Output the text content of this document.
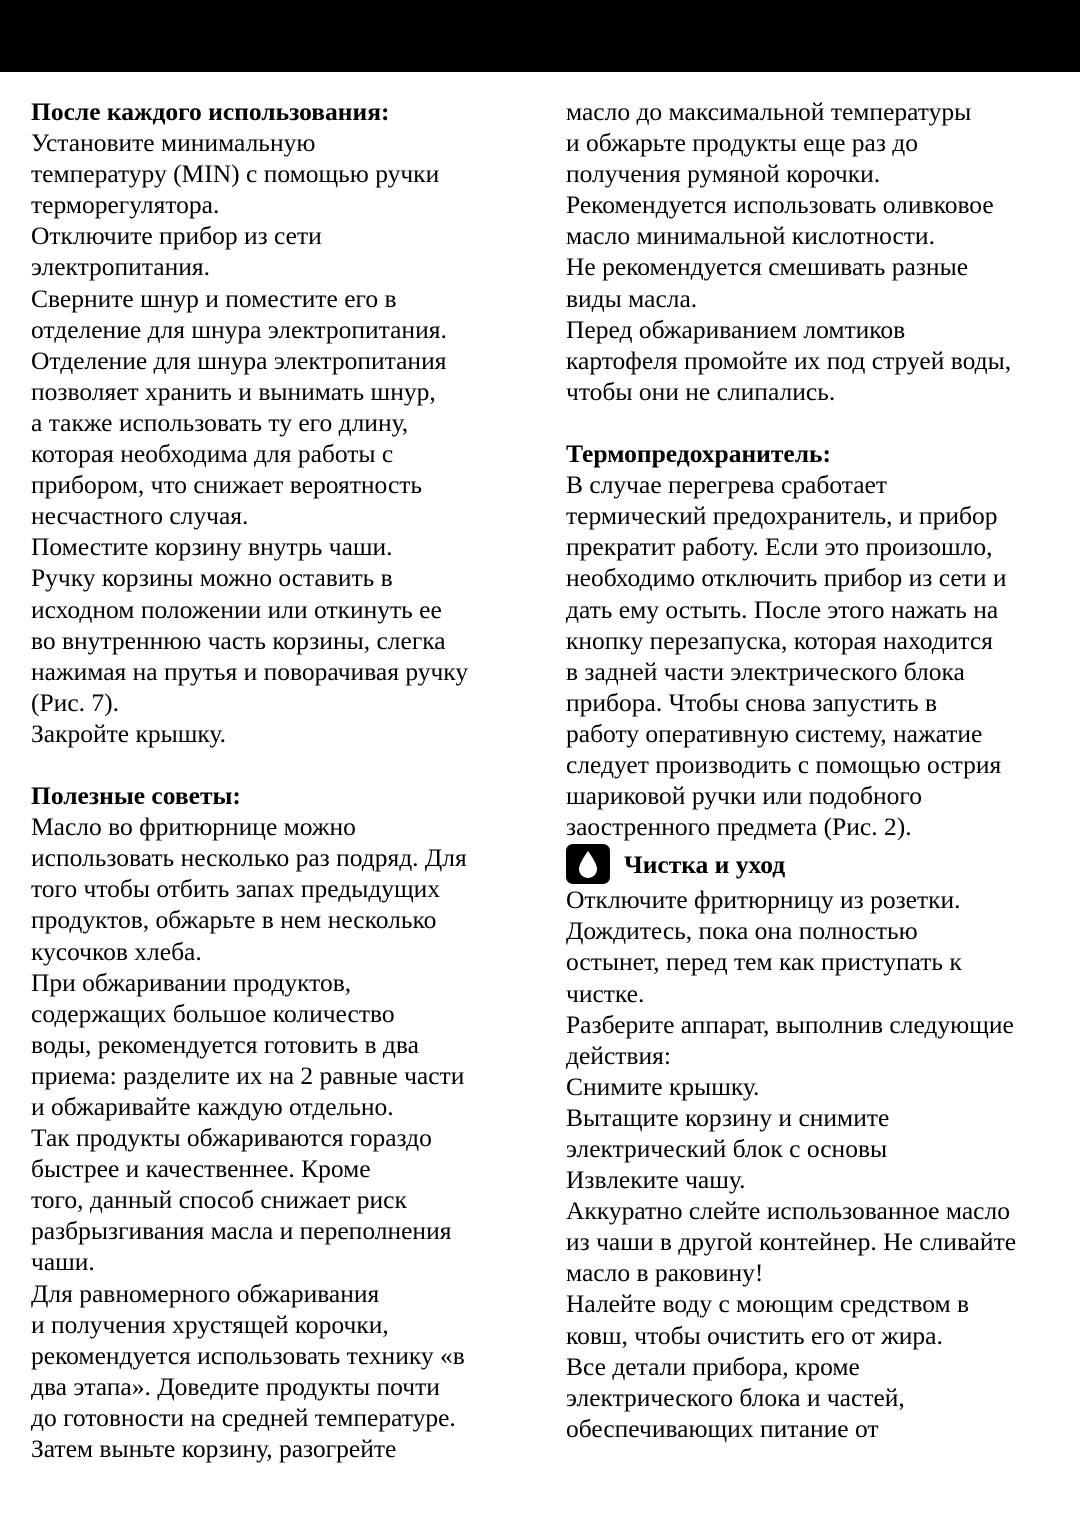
После каждого использования:
Установите минимальную
температуру (MIN) с помощью ручки
терморегулятора.
Отключите прибор из сети
электропитания.
Сверните шнур и поместите его в
отделение для шнура электропитания.
Отделение для шнура электропитания
позволяет хранить и вынимать шнур,
а также использовать ту его длину,
которая необходима для работы с
прибором, что снижает вероятность
несчастного случая.
Поместите корзину внутрь чаши.
Ручку корзины можно оставить в
исходном положении или откинуть ее
во внутреннюю часть корзины, слегка
нажимая на прутья и поворачивая ручку
(Рис. 7).
Закройте крышку.
Полезные советы:
Масло во фритюрнице можно
использовать несколько раз подряд. Для
того чтобы отбить запах предыдущих
продуктов, обжарьте в нем несколько
кусочков хлеба.
При обжаривании продуктов,
содержащих большое количество
воды, рекомендуется готовить в два
приема: разделите их на 2 равные части
и обжаривайте каждую отдельно.
Так продукты обжариваются гораздо
быстрее и качественнее. Кроме
того, данный способ снижает риск
разбрызгивания масла и переполнения
чаши.
Для равномерного обжаривания
и получения хрустящей корочки,
рекомендуется использовать технику «в
два этапа». Доведите продукты почти
до готовности на средней температуре.
Затем выньте корзину, разогрейте
масло до максимальной температуры
и обжарьте продукты еще раз до
получения румяной корочки.
Рекомендуется использовать оливковое
масло минимальной кислотности.
Не рекомендуется смешивать разные
виды масла.
Перед обжариванием ломтиков
картофеля промойте их под струей воды,
чтобы они не слипались.
Термопредохранитель:
В случае перегрева сработает
термический предохранитель, и прибор
прекратит работу. Если это произошло,
необходимо отключить прибор из сети и
дать ему остыть. После этого нажать на
кнопку перезапуска, которая находится
в задней части электрического блока
прибора. Чтобы снова запустить в
работу оперативную систему, нажатие
следует производить с помощью острия
шариковой ручки или подобного
заостренного предмета (Рис. 2).
Чистка и уход
Отключите фритюрницу из розетки.
Дождитесь, пока она полностью
остынет, перед тем как приступать к
чистке.
Разберите аппарат, выполнив следующие
действия:
Снимите крышку.
Вытащите корзину и снимите
электрический блок с основы
Извлеките чашу.
Аккуратно слейте использованное масло
из чаши в другой контейнер. Не сливайте
масло в раковину!
Налейте воду с моющим средством в
ковш, чтобы очистить его от жира.
Все детали прибора, кроме
электрического блока и частей,
обеспечивающих питание от
